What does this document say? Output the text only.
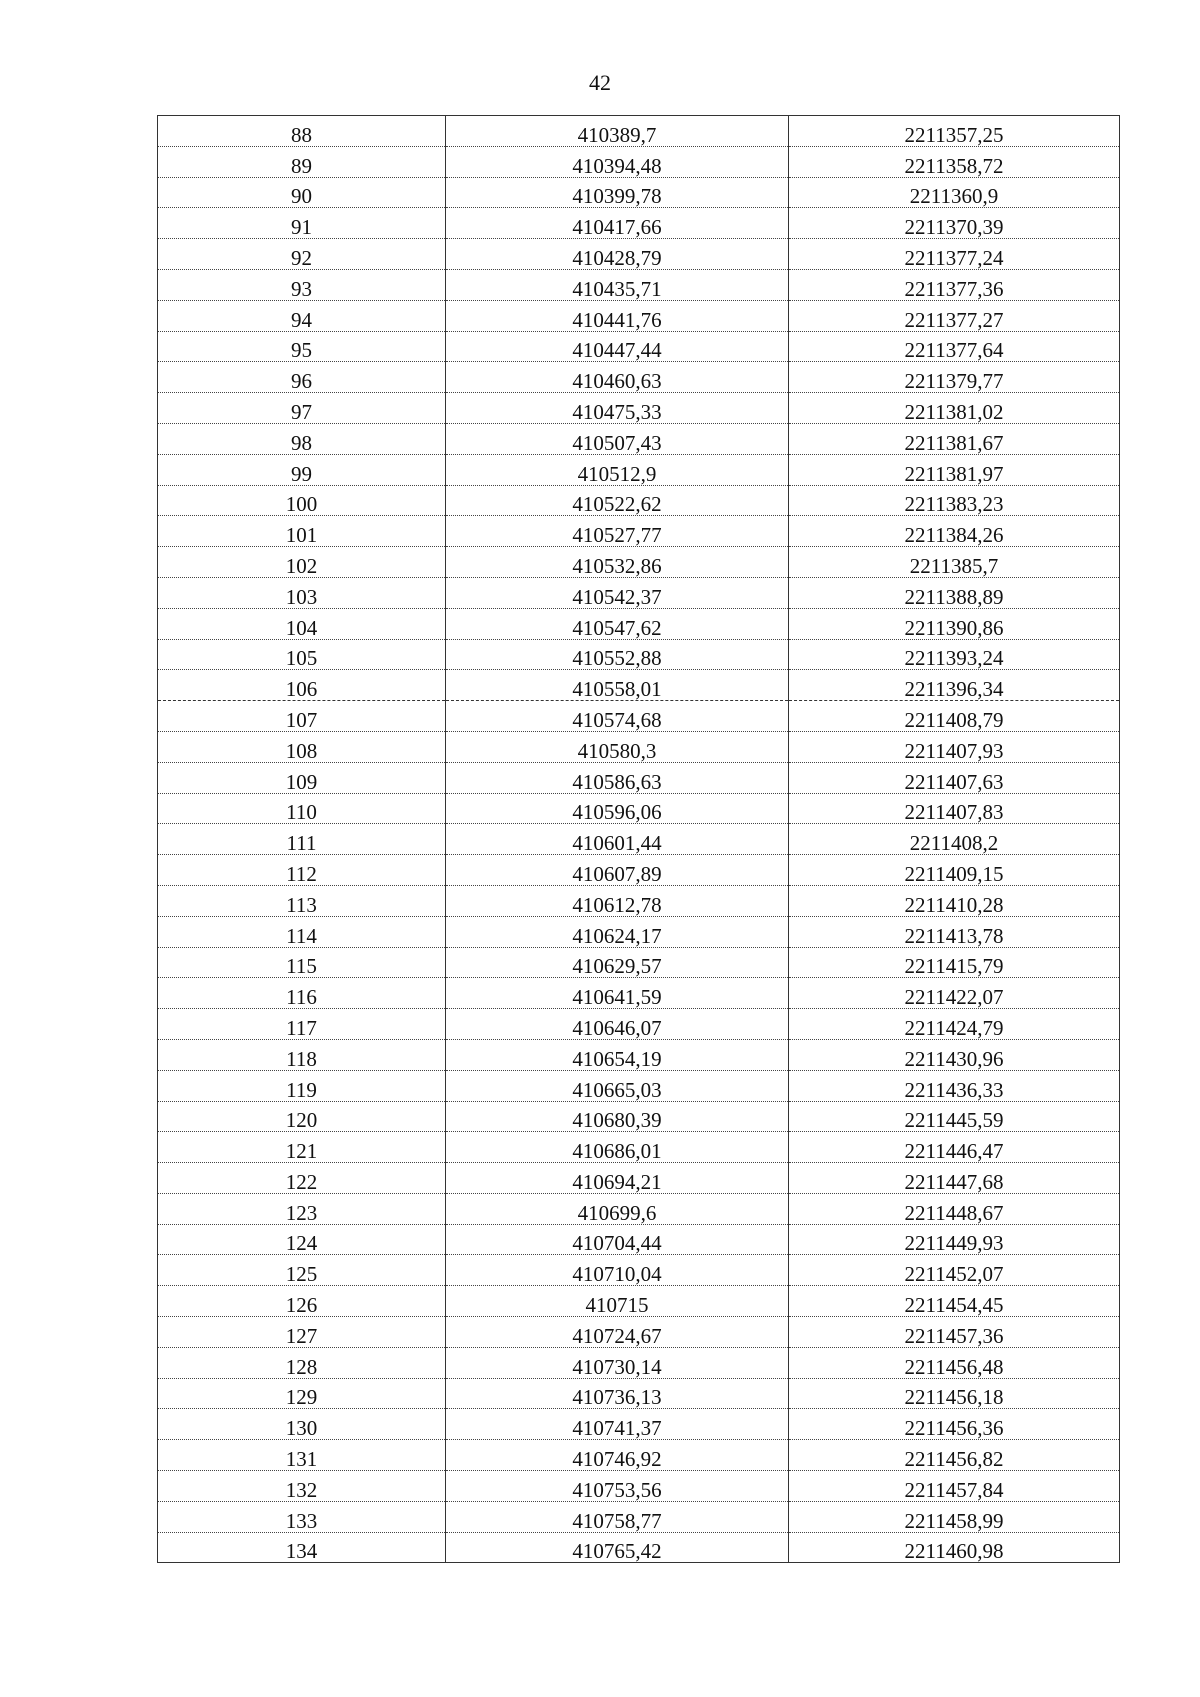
42
88	410389,7	2211357,25
89	410394,48	2211358,72
90	410399,78	2211360,9
91	410417,66	2211370,39
92	410428,79	2211377,24
93	410435,71	2211377,36
94	410441,76	2211377,27
95	410447,44	2211377,64
96	410460,63	2211379,77
97	410475,33	2211381,02
98	410507,43	2211381,67
99	410512,9	2211381,97
100	410522,62	2211383,23
101	410527,77	2211384,26
102	410532,86	2211385,7
103	410542,37	2211388,89
104	410547,62	2211390,86
105	410552,88	2211393,24
106	410558,01	2211396,34
107	410574,68	2211408,79
108	410580,3	2211407,93
109	410586,63	2211407,63
110	410596,06	2211407,83
111	410601,44	2211408,2
112	410607,89	2211409,15
113	410612,78	2211410,28
114	410624,17	2211413,78
115	410629,57	2211415,79
116	410641,59	2211422,07
117	410646,07	2211424,79
118	410654,19	2211430,96
119	410665,03	2211436,33
120	410680,39	2211445,59
121	410686,01	2211446,47
122	410694,21	2211447,68
123	410699,6	2211448,67
124	410704,44	2211449,93
125	410710,04	2211452,07
126	410715	2211454,45
127	410724,67	2211457,36
128	410730,14	2211456,48
129	410736,13	2211456,18
130	410741,37	2211456,36
131	410746,92	2211456,82
132	410753,56	2211457,84
133	410758,77	2211458,99
134	410765,42	2211460,98
